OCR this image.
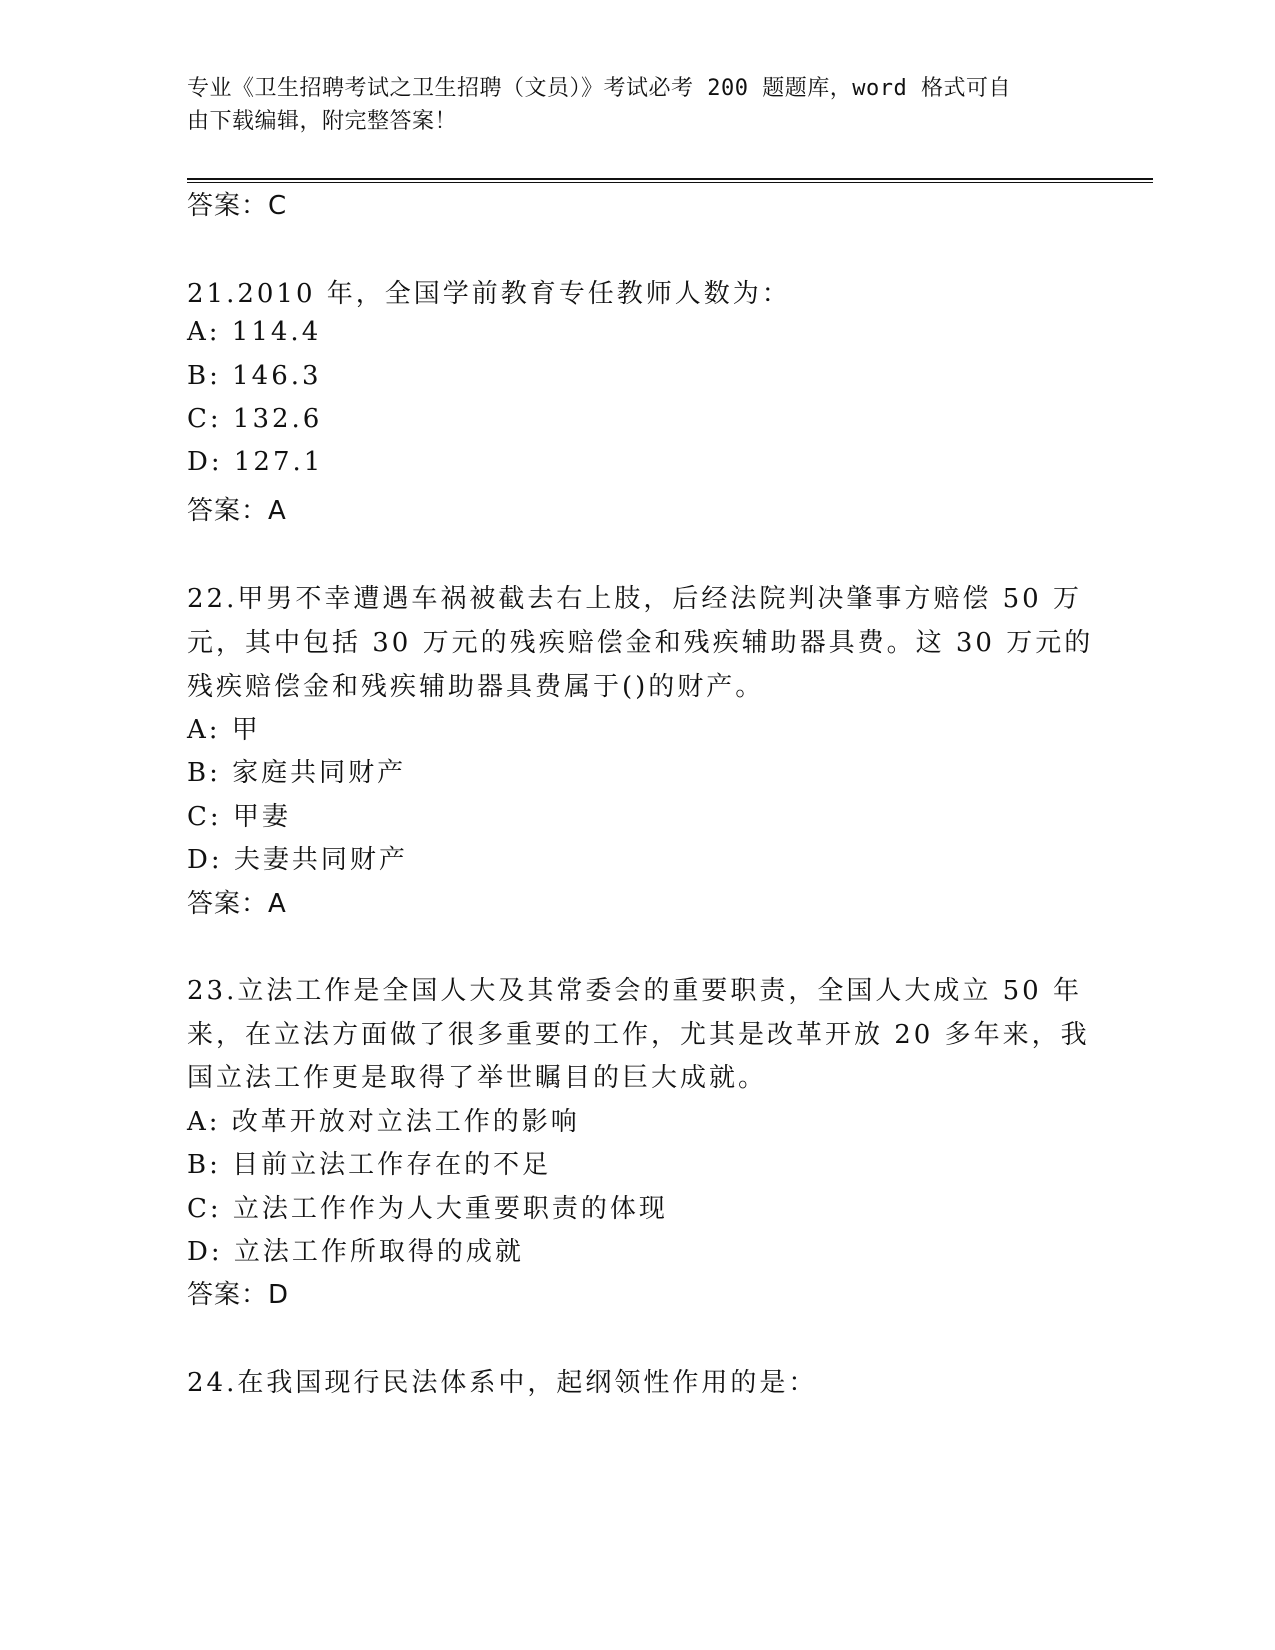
专业《卫生招聘考试之卫生招聘（文员）》考试必考 200 题题库，word 格式可自
由下载编辑，附完整答案！
答案：C
21.2010 年，全国学前教育专任教师人数为：
A: 114.4
B: 146.3
C: 132.6
D: 127.1
答案：A
22.甲男不幸遭遇车祸被截去右上肢，后经法院判决肇事方赔偿 50 万
元，其中包括 30 万元的残疾赔偿金和残疾辅助器具费。这 30 万元的
残疾赔偿金和残疾辅助器具费属于()的财产。
A: 甲
B: 家庭共同财产
C: 甲妻
D: 夫妻共同财产
答案：A
23.立法工作是全国人大及其常委会的重要职责，全国人大成立 50 年
来，在立法方面做了很多重要的工作，尤其是改革开放 20 多年来，我
国立法工作更是取得了举世瞩目的巨大成就。
A: 改革开放对立法工作的影响
B: 目前立法工作存在的不足
C: 立法工作作为人大重要职责的体现
D: 立法工作所取得的成就
答案：D
24.在我国现行民法体系中，起纲领性作用的是：
